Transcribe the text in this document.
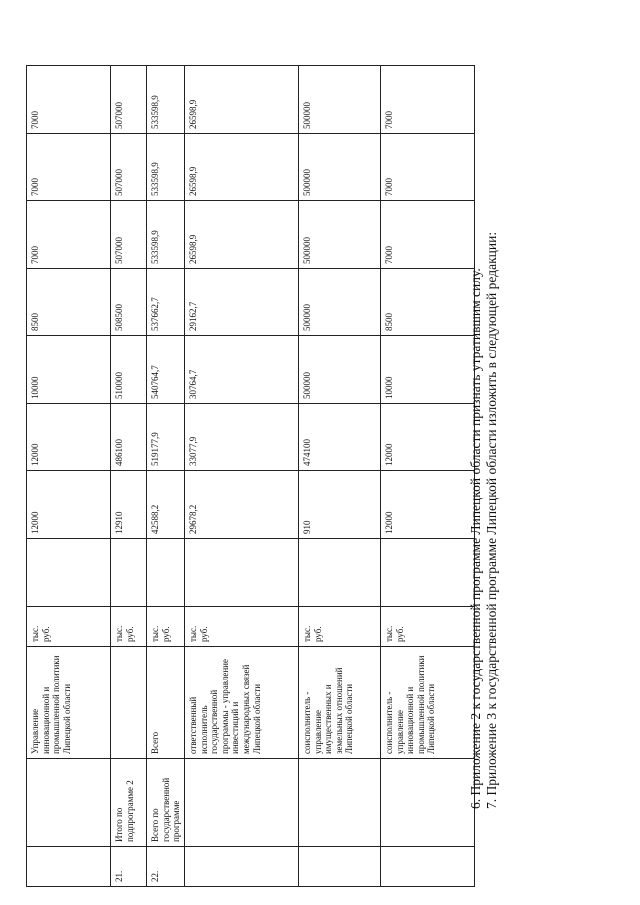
		Управление инновационной и промышленной политики Липецкой области	тыс. руб.		12000	12000	10000	8500	7000	7000	7000
21.	Итого по подпрограмме 2		тыс. руб.		12910	486100	510000	508500	507000	507000	507000
22.	Всего по государственной программе	Всего	тыс. руб.		42588,2	519177,9	540764,7	537662,7	533598,9	533598,9	533598,9
		ответственный исполнитель государственной программы - управление инвестиций и международных связей Липецкой области	тыс. руб.		29678,2	33077,9	30764,7	29162,7	26598,9	26598,9	26598,9
		соисполнитель - управление имущественных и земельных отношений Липецкой области	тыс. руб.		910	474100	500000	500000	500000	500000	500000
		соисполнитель - управление инновационной и промышленной политики Липецкой области	тыс. руб.		12000	12000	10000	8500	7000	7000	7000
6. Приложение 2 к государственной программе Липецкой области признать утратившим силу. 7. Приложение 3 к государственной программе Липецкой области изложить в следующей редакции:
